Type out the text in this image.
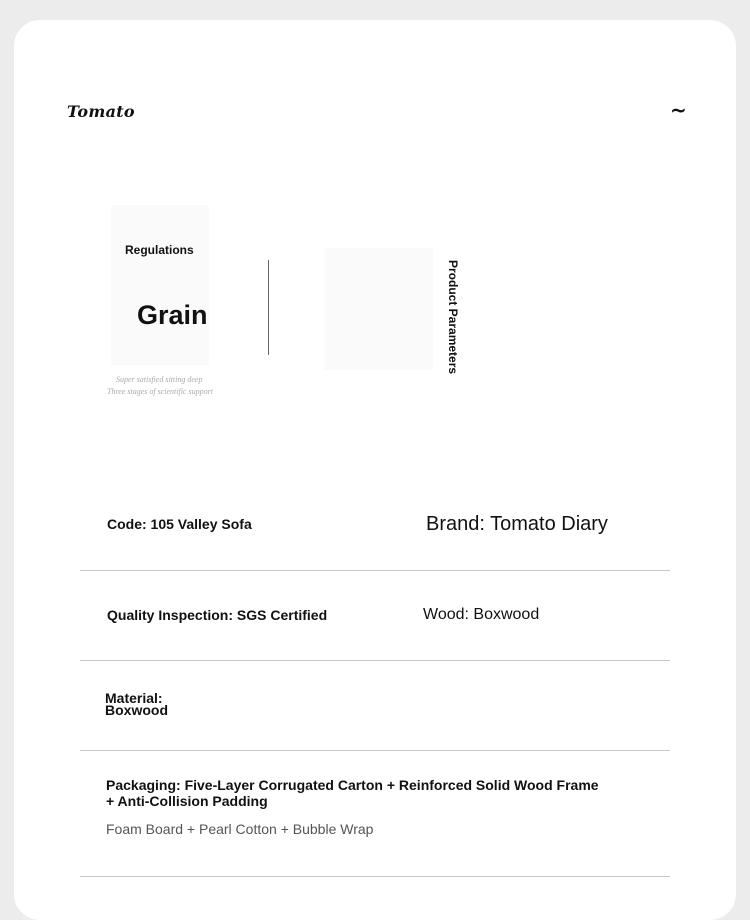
Tomato	~
Regulations
Grain
Super satisfied sitting deep
Three stages of scientific support
Product Parameters
Code: 105 Valley Sofa	Brand: Tomato Diary
Quality Inspection: SGS Certified	Wood: Boxwood
Material:
Boxwood
Packaging: Five-Layer Corrugated Carton + Reinforced Solid Wood Frame
+ Anti-Collision Padding
Foam Board + Pearl Cotton + Bubble Wrap
